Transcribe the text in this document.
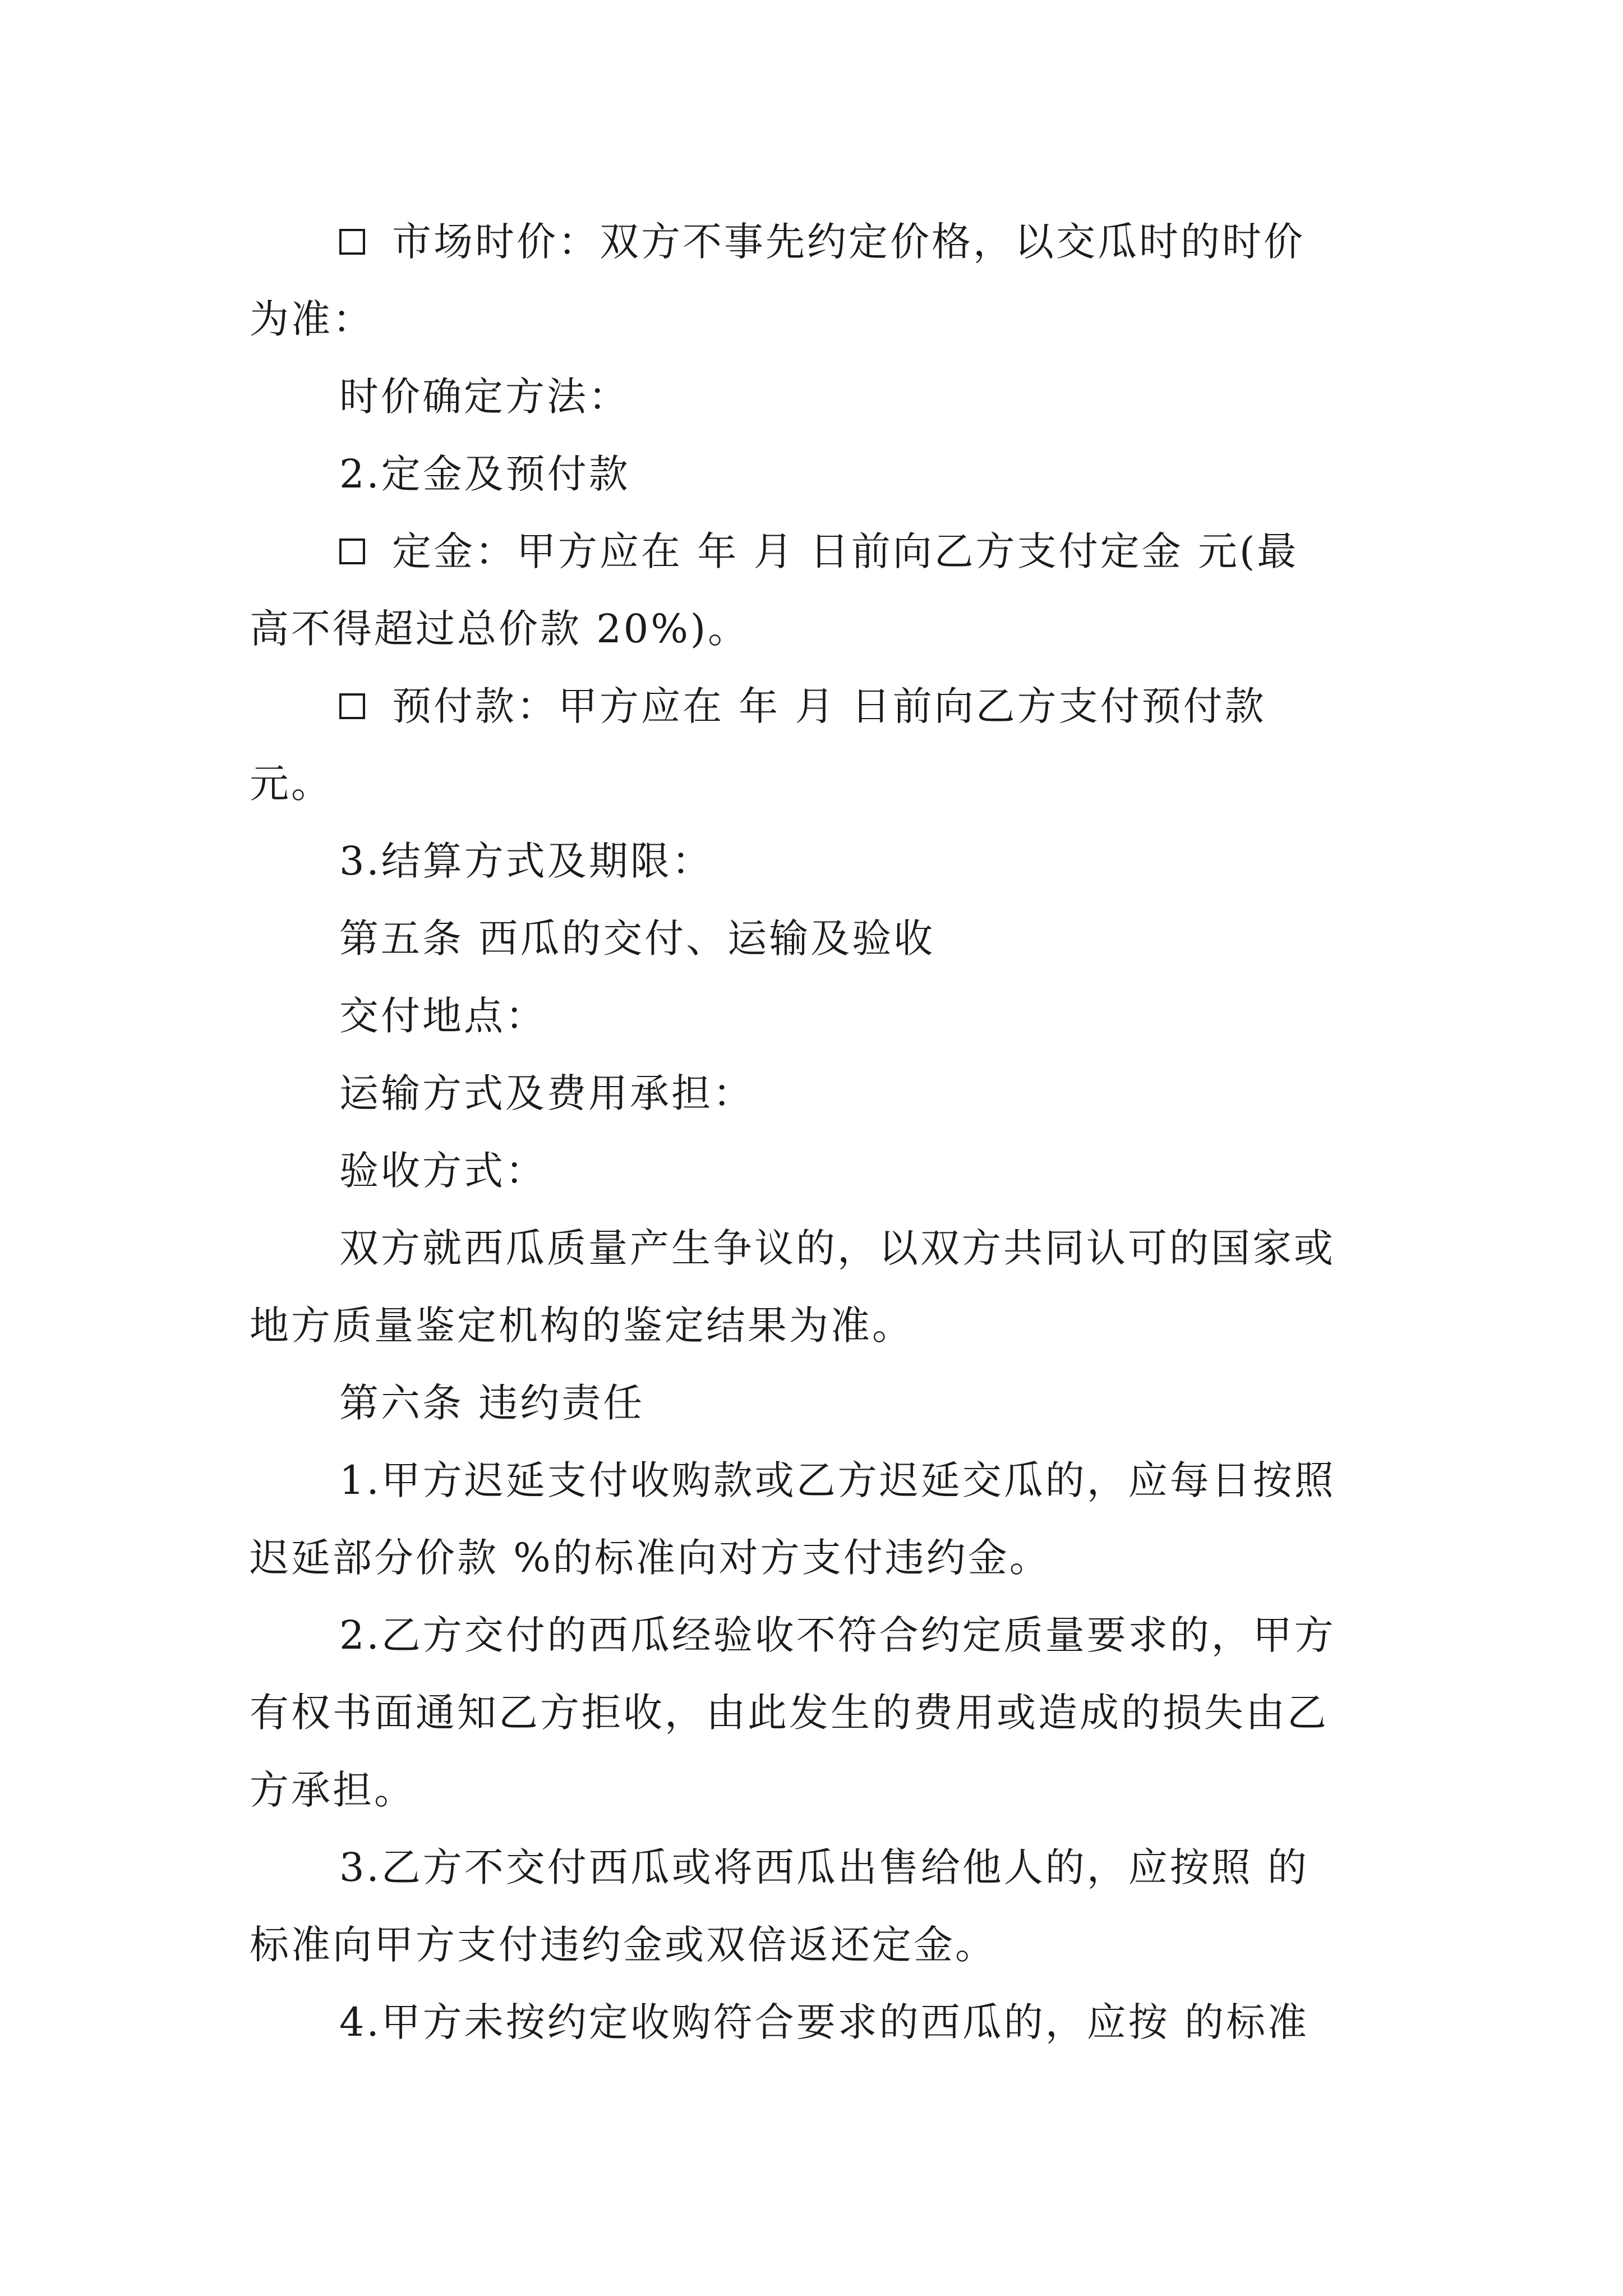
市场时价：双方不事先约定价格，以交瓜时的时价
为准：
时价确定方法：
2.定金及预付款
定金：甲方应在 年 月 日前向乙方支付定金 元(最
高不得超过总价款 20%)。
预付款：甲方应在 年 月 日前向乙方支付预付款
元。
3.结算方式及期限：
第五条 西瓜的交付、运输及验收
交付地点：
运输方式及费用承担：
验收方式：
双方就西瓜质量产生争议的，以双方共同认可的国家或
地方质量鉴定机构的鉴定结果为准。
第六条 违约责任
1.甲方迟延支付收购款或乙方迟延交瓜的，应每日按照
迟延部分价款 %的标准向对方支付违约金。
2.乙方交付的西瓜经验收不符合约定质量要求的，甲方
有权书面通知乙方拒收，由此发生的费用或造成的损失由乙
方承担。
3.乙方不交付西瓜或将西瓜出售给他人的，应按照 的
标准向甲方支付违约金或双倍返还定金。
4.甲方未按约定收购符合要求的西瓜的，应按 的标准
